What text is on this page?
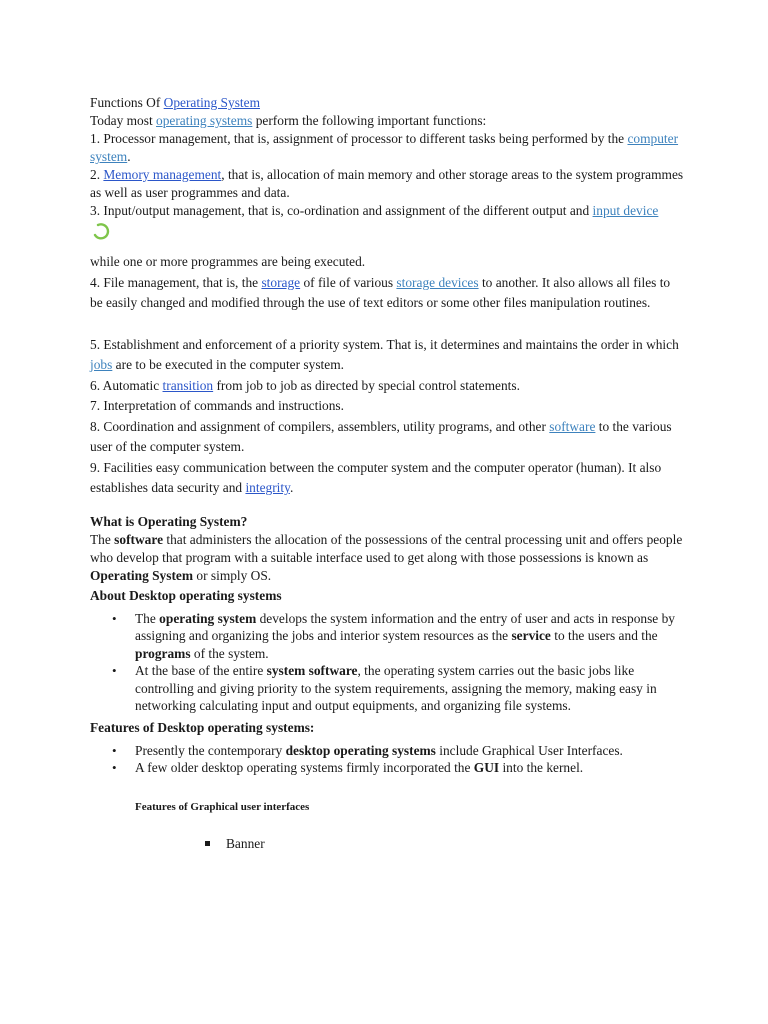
Functions Of Operating System

Today most operating systems perform the following important functions:

1. Processor management, that is, assignment of processor to different tasks being performed by the computer system.

2. Memory management, that is, allocation of main memory and other storage areas to the system programmes as well as user programmes and data.

3. Input/output management, that is, co-ordination and assignment of the different output and input device

while one or more programmes are being executed.

4. File management, that is, the storage of file of various storage devices to another. It also allows all files to be easily changed and modified through the use of text editors or some other files manipulation routines.

5. Establishment and enforcement of a priority system. That is, it determines and maintains the order in which jobs are to be executed in the computer system.

6. Automatic transition from job to job as directed by special control statements.

7. Interpretation of commands and instructions.

8. Coordination and assignment of compilers, assemblers, utility programs, and other software to the various user of the computer system.

9. Facilities easy communication between the computer system and the computer operator (human). It also establishes data security and integrity.

What is Operating System?

The software that administers the allocation of the possessions of the central processing unit and offers people who develop that program with a suitable interface used to get along with those possessions is known as Operating System or simply OS.

About Desktop operating systems
• The operating system develops the system information and the entry of user and acts in response by assigning and organizing the jobs and interior system resources as the service to the users and the programs of the system.
• At the base of the entire system software, the operating system carries out the basic jobs like controlling and giving priority to the system requirements, assigning the memory, making easy in networking calculating input and output equipments, and organizing file systems.
Features of Desktop operating systems:
• Presently the contemporary desktop operating systems include Graphical User Interfaces.
• A few older desktop operating systems firmly incorporated the GUI into the kernel.
Features of Graphical user interfaces
Banner
